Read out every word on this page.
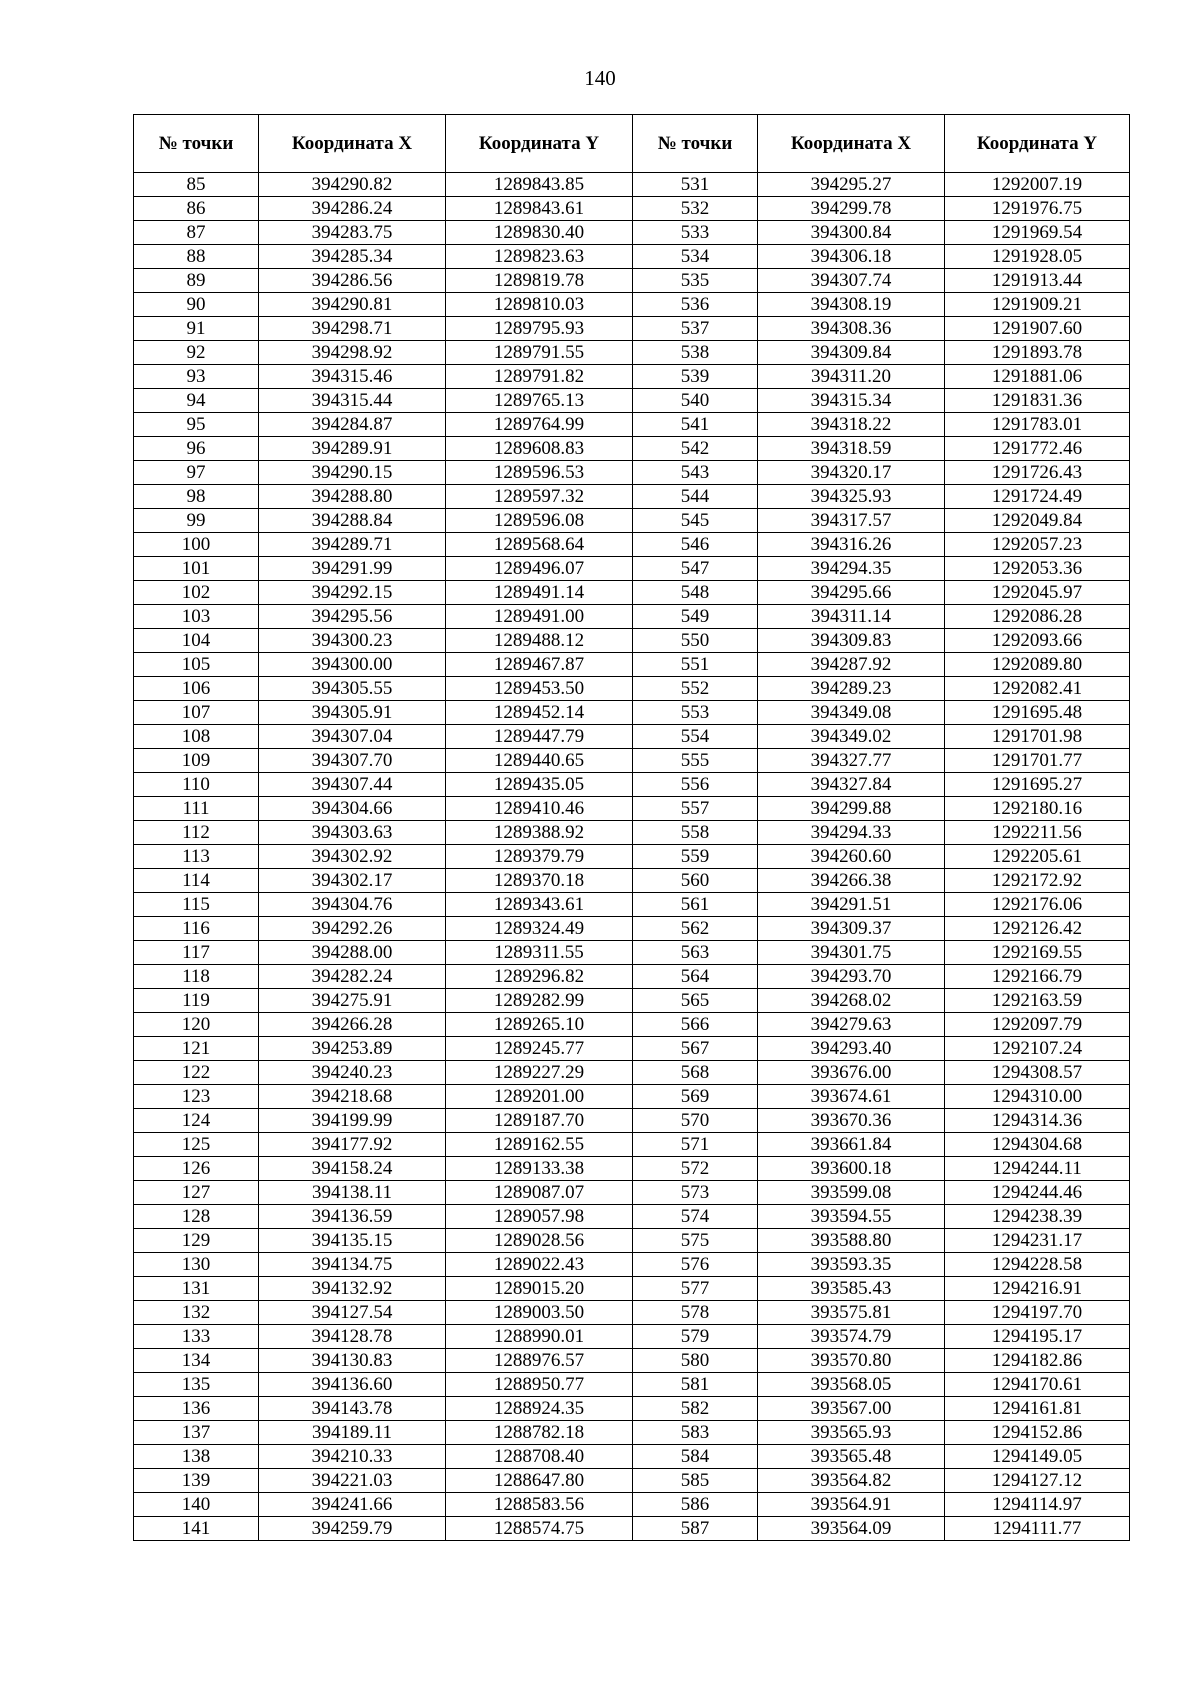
140
№ точки	Координата X	Координата Y	№ точки	Координата X	Координата Y
85	394290.82	1289843.85	531	394295.27	1292007.19
86	394286.24	1289843.61	532	394299.78	1291976.75
87	394283.75	1289830.40	533	394300.84	1291969.54
88	394285.34	1289823.63	534	394306.18	1291928.05
89	394286.56	1289819.78	535	394307.74	1291913.44
90	394290.81	1289810.03	536	394308.19	1291909.21
91	394298.71	1289795.93	537	394308.36	1291907.60
92	394298.92	1289791.55	538	394309.84	1291893.78
93	394315.46	1289791.82	539	394311.20	1291881.06
94	394315.44	1289765.13	540	394315.34	1291831.36
95	394284.87	1289764.99	541	394318.22	1291783.01
96	394289.91	1289608.83	542	394318.59	1291772.46
97	394290.15	1289596.53	543	394320.17	1291726.43
98	394288.80	1289597.32	544	394325.93	1291724.49
99	394288.84	1289596.08	545	394317.57	1292049.84
100	394289.71	1289568.64	546	394316.26	1292057.23
101	394291.99	1289496.07	547	394294.35	1292053.36
102	394292.15	1289491.14	548	394295.66	1292045.97
103	394295.56	1289491.00	549	394311.14	1292086.28
104	394300.23	1289488.12	550	394309.83	1292093.66
105	394300.00	1289467.87	551	394287.92	1292089.80
106	394305.55	1289453.50	552	394289.23	1292082.41
107	394305.91	1289452.14	553	394349.08	1291695.48
108	394307.04	1289447.79	554	394349.02	1291701.98
109	394307.70	1289440.65	555	394327.77	1291701.77
110	394307.44	1289435.05	556	394327.84	1291695.27
111	394304.66	1289410.46	557	394299.88	1292180.16
112	394303.63	1289388.92	558	394294.33	1292211.56
113	394302.92	1289379.79	559	394260.60	1292205.61
114	394302.17	1289370.18	560	394266.38	1292172.92
115	394304.76	1289343.61	561	394291.51	1292176.06
116	394292.26	1289324.49	562	394309.37	1292126.42
117	394288.00	1289311.55	563	394301.75	1292169.55
118	394282.24	1289296.82	564	394293.70	1292166.79
119	394275.91	1289282.99	565	394268.02	1292163.59
120	394266.28	1289265.10	566	394279.63	1292097.79
121	394253.89	1289245.77	567	394293.40	1292107.24
122	394240.23	1289227.29	568	393676.00	1294308.57
123	394218.68	1289201.00	569	393674.61	1294310.00
124	394199.99	1289187.70	570	393670.36	1294314.36
125	394177.92	1289162.55	571	393661.84	1294304.68
126	394158.24	1289133.38	572	393600.18	1294244.11
127	394138.11	1289087.07	573	393599.08	1294244.46
128	394136.59	1289057.98	574	393594.55	1294238.39
129	394135.15	1289028.56	575	393588.80	1294231.17
130	394134.75	1289022.43	576	393593.35	1294228.58
131	394132.92	1289015.20	577	393585.43	1294216.91
132	394127.54	1289003.50	578	393575.81	1294197.70
133	394128.78	1288990.01	579	393574.79	1294195.17
134	394130.83	1288976.57	580	393570.80	1294182.86
135	394136.60	1288950.77	581	393568.05	1294170.61
136	394143.78	1288924.35	582	393567.00	1294161.81
137	394189.11	1288782.18	583	393565.93	1294152.86
138	394210.33	1288708.40	584	393565.48	1294149.05
139	394221.03	1288647.80	585	393564.82	1294127.12
140	394241.66	1288583.56	586	393564.91	1294114.97
141	394259.79	1288574.75	587	393564.09	1294111.77
